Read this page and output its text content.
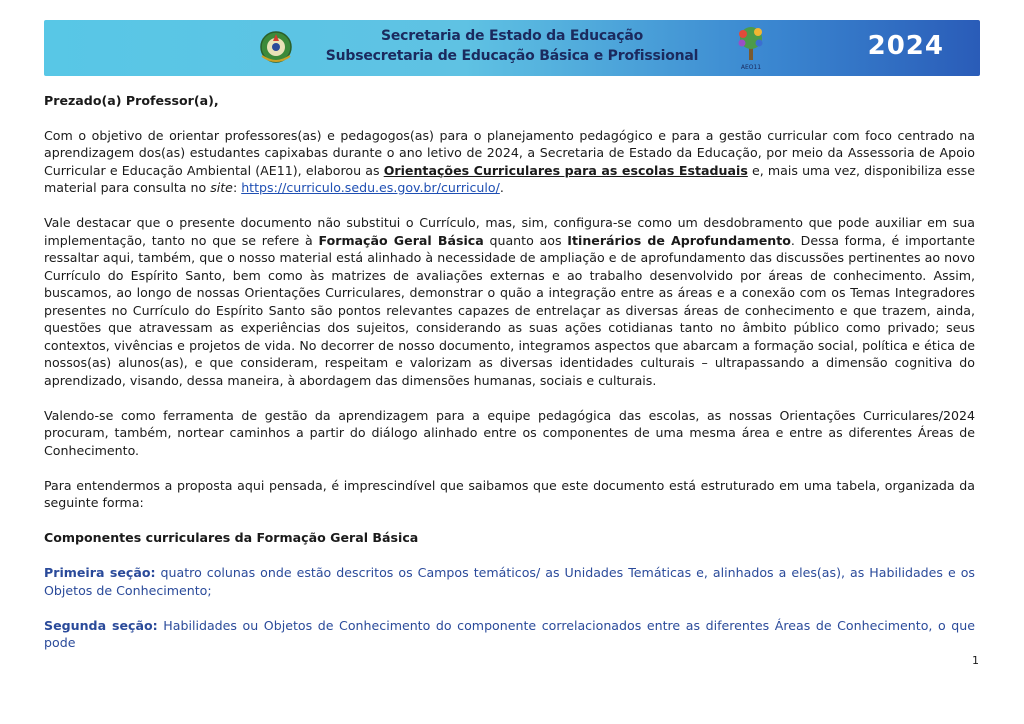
Secretaria de Estado da Educação
Subsecretaria de Educação Básica e Profissional
AEO11
2024
Prezado(a) Professor(a),
Com o objetivo de orientar professores(as) e pedagogos(as) para o planejamento pedagógico e para a gestão curricular com foco centrado na aprendizagem dos(as) estudantes capixabas durante o ano letivo de 2024, a Secretaria de Estado da Educação, por meio da Assessoria de Apoio Curricular e Educação Ambiental (AE11), elaborou as Orientações Curriculares para as escolas Estaduais e, mais uma vez, disponibiliza esse material para consulta no site: https://curriculo.sedu.es.gov.br/curriculo/.
Vale destacar que o presente documento não substitui o Currículo, mas, sim, configura-se como um desdobramento que pode auxiliar em sua implementação, tanto no que se refere à Formação Geral Básica quanto aos Itinerários de Aprofundamento. Dessa forma, é importante ressaltar aqui, também, que o nosso material está alinhado à necessidade de ampliação e de aprofundamento das discussões pertinentes ao novo Currículo do Espírito Santo, bem como às matrizes de avaliações externas e ao trabalho desenvolvido por áreas de conhecimento. Assim, buscamos, ao longo de nossas Orientações Curriculares, demonstrar o quão a integração entre as áreas e a conexão com os Temas Integradores presentes no Currículo do Espírito Santo são pontos relevantes capazes de entrelaçar as diversas áreas de conhecimento e que trazem, ainda, questões que atravessam as experiências dos sujeitos, considerando as suas ações cotidianas tanto no âmbito público como privado; seus contextos, vivências e projetos de vida. No decorrer de nosso documento, integramos aspectos que abarcam a formação social, política e ética de nossos(as) alunos(as), e que consideram, respeitam e valorizam as diversas identidades culturais – ultrapassando a dimensão cognitiva do aprendizado, visando, dessa maneira, à abordagem das dimensões humanas, sociais e culturais.
Valendo-se como ferramenta de gestão da aprendizagem para a equipe pedagógica das escolas, as nossas Orientações Curriculares/2024 procuram, também, nortear caminhos a partir do diálogo alinhado entre os componentes de uma mesma área e entre as diferentes Áreas de Conhecimento.
Para entendermos a proposta aqui pensada, é imprescindível que saibamos que este documento está estruturado em uma tabela, organizada da seguinte forma:
Componentes curriculares da Formação Geral Básica
Primeira seção: quatro colunas onde estão descritos os Campos temáticos/ as Unidades Temáticas e, alinhados a eles(as), as Habilidades e os Objetos de Conhecimento;
Segunda seção: Habilidades ou Objetos de Conhecimento do componente correlacionados entre as diferentes Áreas de Conhecimento, o que pode
1
